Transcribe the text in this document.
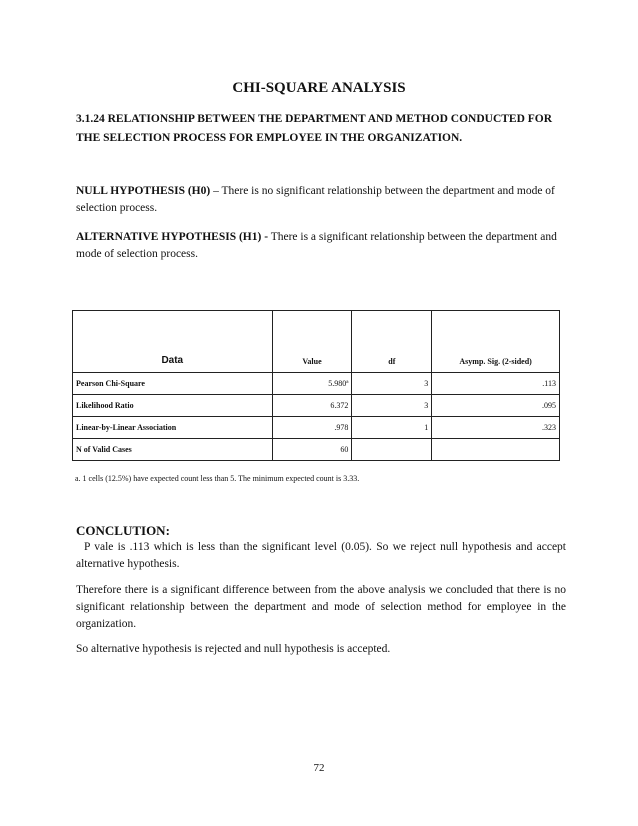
CHI-SQUARE ANALYSIS
3.1.24 RELATIONSHIP BETWEEN THE DEPARTMENT AND METHOD CONDUCTED FOR THE SELECTION PROCESS FOR EMPLOYEE IN THE ORGANIZATION.
NULL HYPOTHESIS (H0) – There is no significant relationship between the department and mode of selection process.
ALTERNATIVE HYPOTHESIS (H1) - There is a significant relationship between the department and mode of selection process.
Data	Value	df	Asymp. Sig. (2-sided)
Pearson Chi-Square	5.980ª	3	.113
Likelihood Ratio	6.372	3	.095
Linear-by-Linear Association	.978	1	.323
N of Valid Cases	60		
a. 1 cells (12.5%) have expected count less than 5. The minimum expected count is 3.33.
CONCLUTION:
P vale is .113 which is less than the significant level (0.05). So we reject null hypothesis and accept alternative hypothesis.
Therefore there is a significant difference between from the above analysis we concluded that there is no significant relationship between the department and mode of selection method for employee in the organization.
So alternative hypothesis is rejected and null hypothesis is accepted.
72
